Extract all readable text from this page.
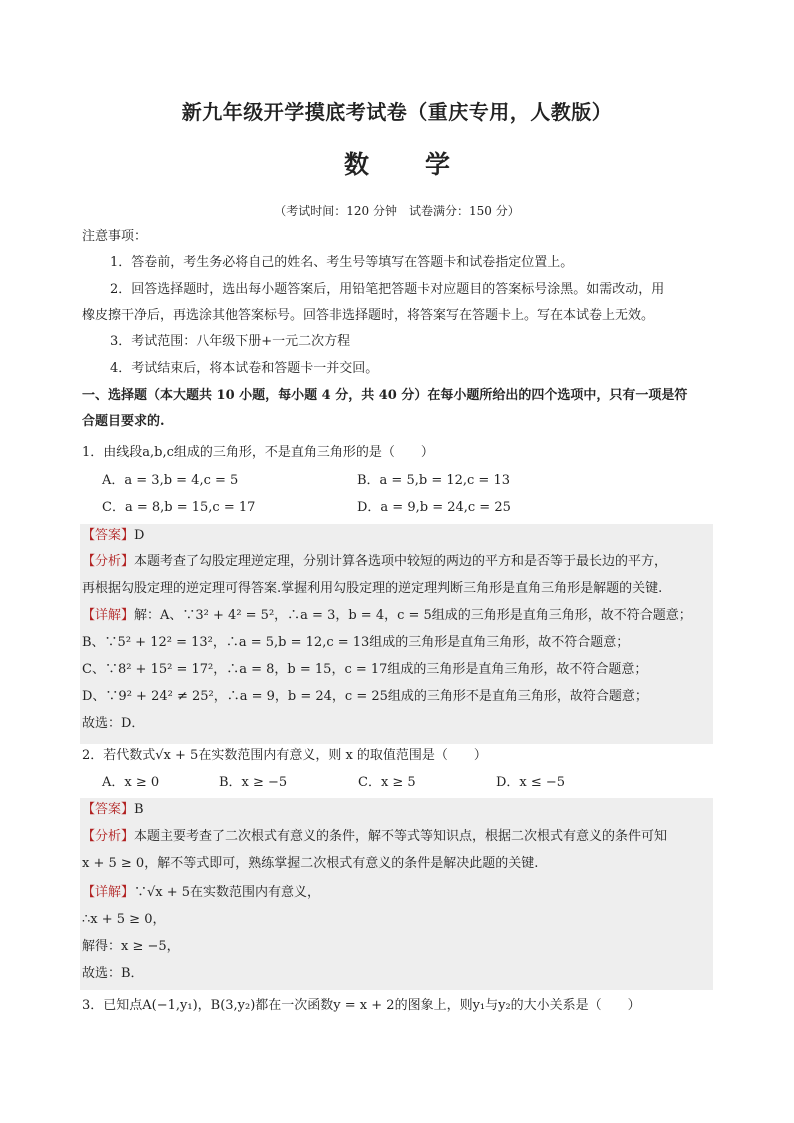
新九年级开学摸底考试卷（重庆专用，人教版）
数学
（考试时间：120 分钟　试卷满分：150 分）
注意事项：
1．答卷前，考生务必将自己的姓名、考生号等填写在答题卡和试卷指定位置上。
2．回答选择题时，选出每小题答案后，用铅笔把答题卡对应题目的答案标号涂黑。如需改动，用
橡皮擦干净后，再选涂其他答案标号。回答非选择题时，将答案写在答题卡上。写在本试卷上无效。
3．考试范围：八年级下册+一元二次方程
4．考试结束后，将本试卷和答题卡一并交回。
一、选择题（本大题共 10 小题，每小题 4 分，共 40 分）在每小题所给出的四个选项中，只有一项是符
合题目要求的.
1．由线段a,b,c组成的三角形，不是直角三角形的是（　　）
A．a = 3,b = 4,c = 5	B．a = 5,b = 12,c = 13
C．a = 8,b = 15,c = 17	D．a = 9,b = 24,c = 25
【答案】D
【分析】本题考查了勾股定理逆定理，分别计算各选项中较短的两边的平方和是否等于最长边的平方，
再根据勾股定理的逆定理可得答案.掌握利用勾股定理的逆定理判断三角形是直角三角形是解题的关键.
【详解】解：A、∵3² + 4² = 5²，∴a = 3，b = 4，c = 5组成的三角形是直角三角形，故不符合题意；
B、∵5² + 12² = 13²，∴a = 5,b = 12,c = 13组成的三角形是直角三角形，故不符合题意；
C、∵8² + 15² = 17²，∴a = 8，b = 15，c = 17组成的三角形是直角三角形，故不符合题意；
D、∵9² + 24² ≠ 25²，∴a = 9，b = 24，c = 25组成的三角形不是直角三角形，故符合题意；
故选：D．
2．若代数式√x + 5在实数范围内有意义，则 x 的取值范围是（　　）
A．x ≥ 0	B．x ≥ −5	C．x ≥ 5	D．x ≤ −5
【答案】B
【分析】本题主要考查了二次根式有意义的条件，解不等式等知识点，根据二次根式有意义的条件可知
x + 5 ≥ 0，解不等式即可，熟练掌握二次根式有意义的条件是解决此题的关键.
【详解】∵√x + 5在实数范围内有意义，
∴x + 5 ≥ 0，
解得：x ≥ −5，
故选：B．
3．已知点A(−1,y₁)，B(3,y₂)都在一次函数y = x + 2的图象上，则y₁与y₂的大小关系是（　　）
